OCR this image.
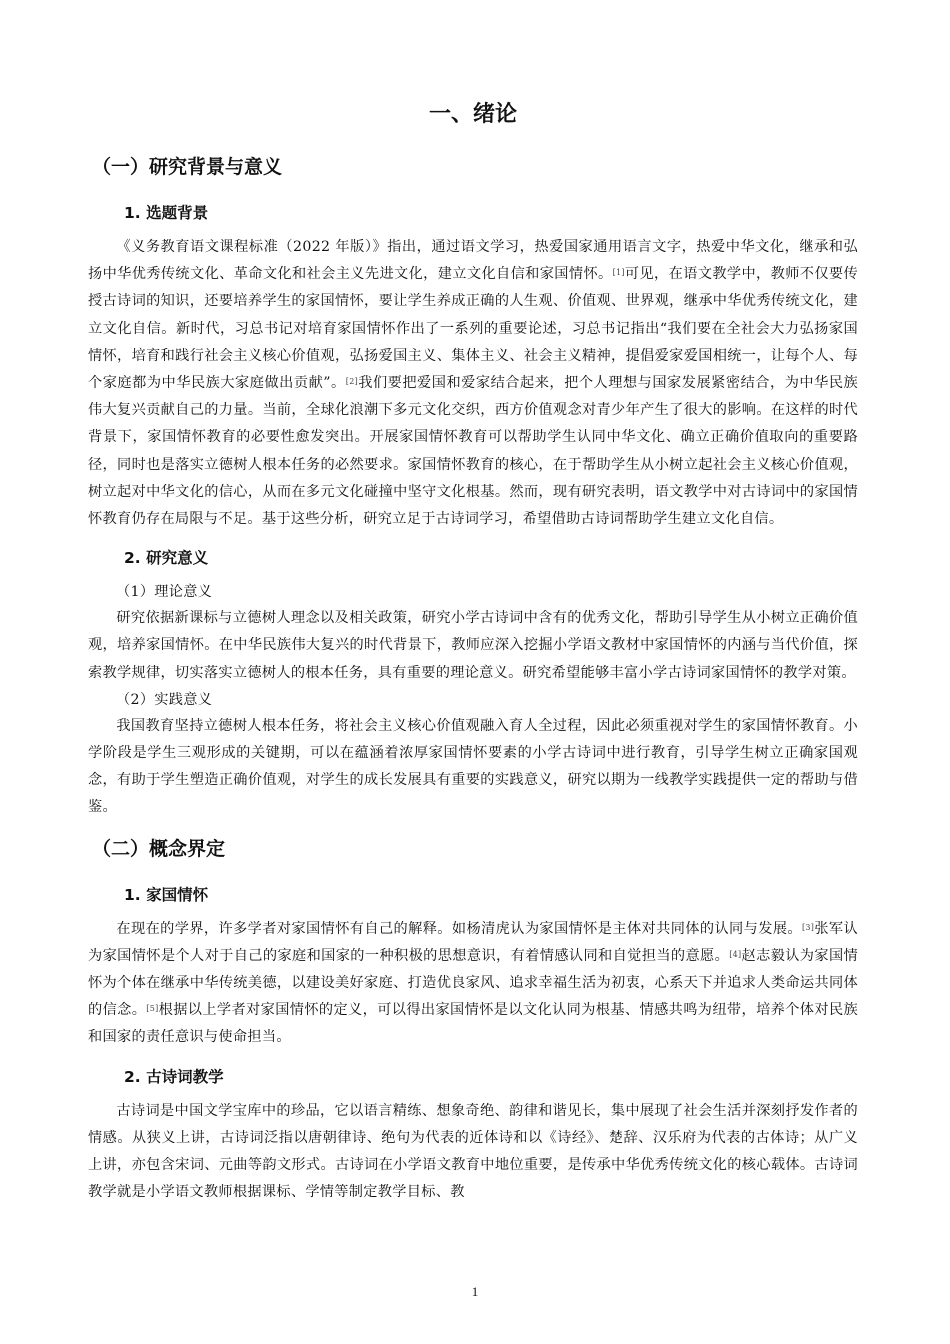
一、绪论
（一）研究背景与意义
1. 选题背景

《义务教育语文课程标准（2022 年版）》指出，通过语文学习，热爱国家通用语言文字，热爱中华文化，继承和弘扬中华优秀传统文化、革命文化和社会主义先进文化，建立文化自信和家国情怀。[1]可见，在语文教学中，教师不仅要传授古诗词的知识，还要培养学生的家国情怀，要让学生养成正确的人生观、价值观、世界观，继承中华优秀传统文化，建立文化自信。新时代，习总书记对培育家国情怀作出了一系列的重要论述，习总书记指出“我们要在全社会大力弘扬家国情怀，培育和践行社会主义核心价值观，弘扬爱国主义、集体主义、社会主义精神，提倡爱家爱国相统一，让每个人、每个家庭都为中华民族大家庭做出贡献”。[2]我们要把爱国和爱家结合起来，把个人理想与国家发展紧密结合，为中华民族伟大复兴贡献自己的力量。当前，全球化浪潮下多元文化交织，西方价值观念对青少年产生了很大的影响。在这样的时代背景下，家国情怀教育的必要性愈发突出。开展家国情怀教育可以帮助学生认同中华文化、确立正确价值取向的重要路径，同时也是落实立德树人根本任务的必然要求。家国情怀教育的核心，在于帮助学生从小树立起社会主义核心价值观，树立起对中华文化的信心，从而在多元文化碰撞中坚守文化根基。然而，现有研究表明，语文教学中对古诗词中的家国情怀教育仍存在局限与不足。基于这些分析，研究立足于古诗词学习，希望借助古诗词帮助学生建立文化自信。

2. 研究意义
（1）理论意义

研究依据新课标与立德树人理念以及相关政策，研究小学古诗词中含有的优秀文化，帮助引导学生从小树立正确价值观，培养家国情怀。在中华民族伟大复兴的时代背景下，教师应深入挖掘小学语文教材中家国情怀的内涵与当代价值，探索教学规律，切实落实立德树人的根本任务，具有重要的理论意义。研究希望能够丰富小学古诗词家国情怀的教学对策。

（2）实践意义

我国教育坚持立德树人根本任务，将社会主义核心价值观融入育人全过程，因此必须重视对学生的家国情怀教育。小学阶段是学生三观形成的关键期，可以在蕴涵着浓厚家国情怀要素的小学古诗词中进行教育，引导学生树立正确家国观念，有助于学生塑造正确价值观，对学生的成长发展具有重要的实践意义，研究以期为一线教学实践提供一定的帮助与借鉴。

（二）概念界定
1. 家国情怀

在现在的学界，许多学者对家国情怀有自己的解释。如杨清虎认为家国情怀是主体对共同体的认同与发展。[3]张军认为家国情怀是个人对于自己的家庭和国家的一种积极的思想意识，有着情感认同和自觉担当的意愿。[4]赵志毅认为家国情怀为个体在继承中华传统美德，以建设美好家庭、打造优良家风、追求幸福生活为初衷，心系天下并追求人类命运共同体的信念。[5]根据以上学者对家国情怀的定义，可以得出家国情怀是以文化认同为根基、情感共鸣为纽带，培养个体对民族和国家的责任意识与使命担当。

2. 古诗词教学

古诗词是中国文学宝库中的珍品，它以语言精练、想象奇绝、韵律和谐见长，集中展现了社会生活并深刻抒发作者的情感。从狭义上讲，古诗词泛指以唐朝律诗、绝句为代表的近体诗和以《诗经》、楚辞、汉乐府为代表的古体诗；从广义上讲，亦包含宋词、元曲等韵文形式。古诗词在小学语文教育中地位重要，是传承中华优秀传统文化的核心载体。古诗词教学就是小学语文教师根据课标、学情等制定教学目标、教

1
